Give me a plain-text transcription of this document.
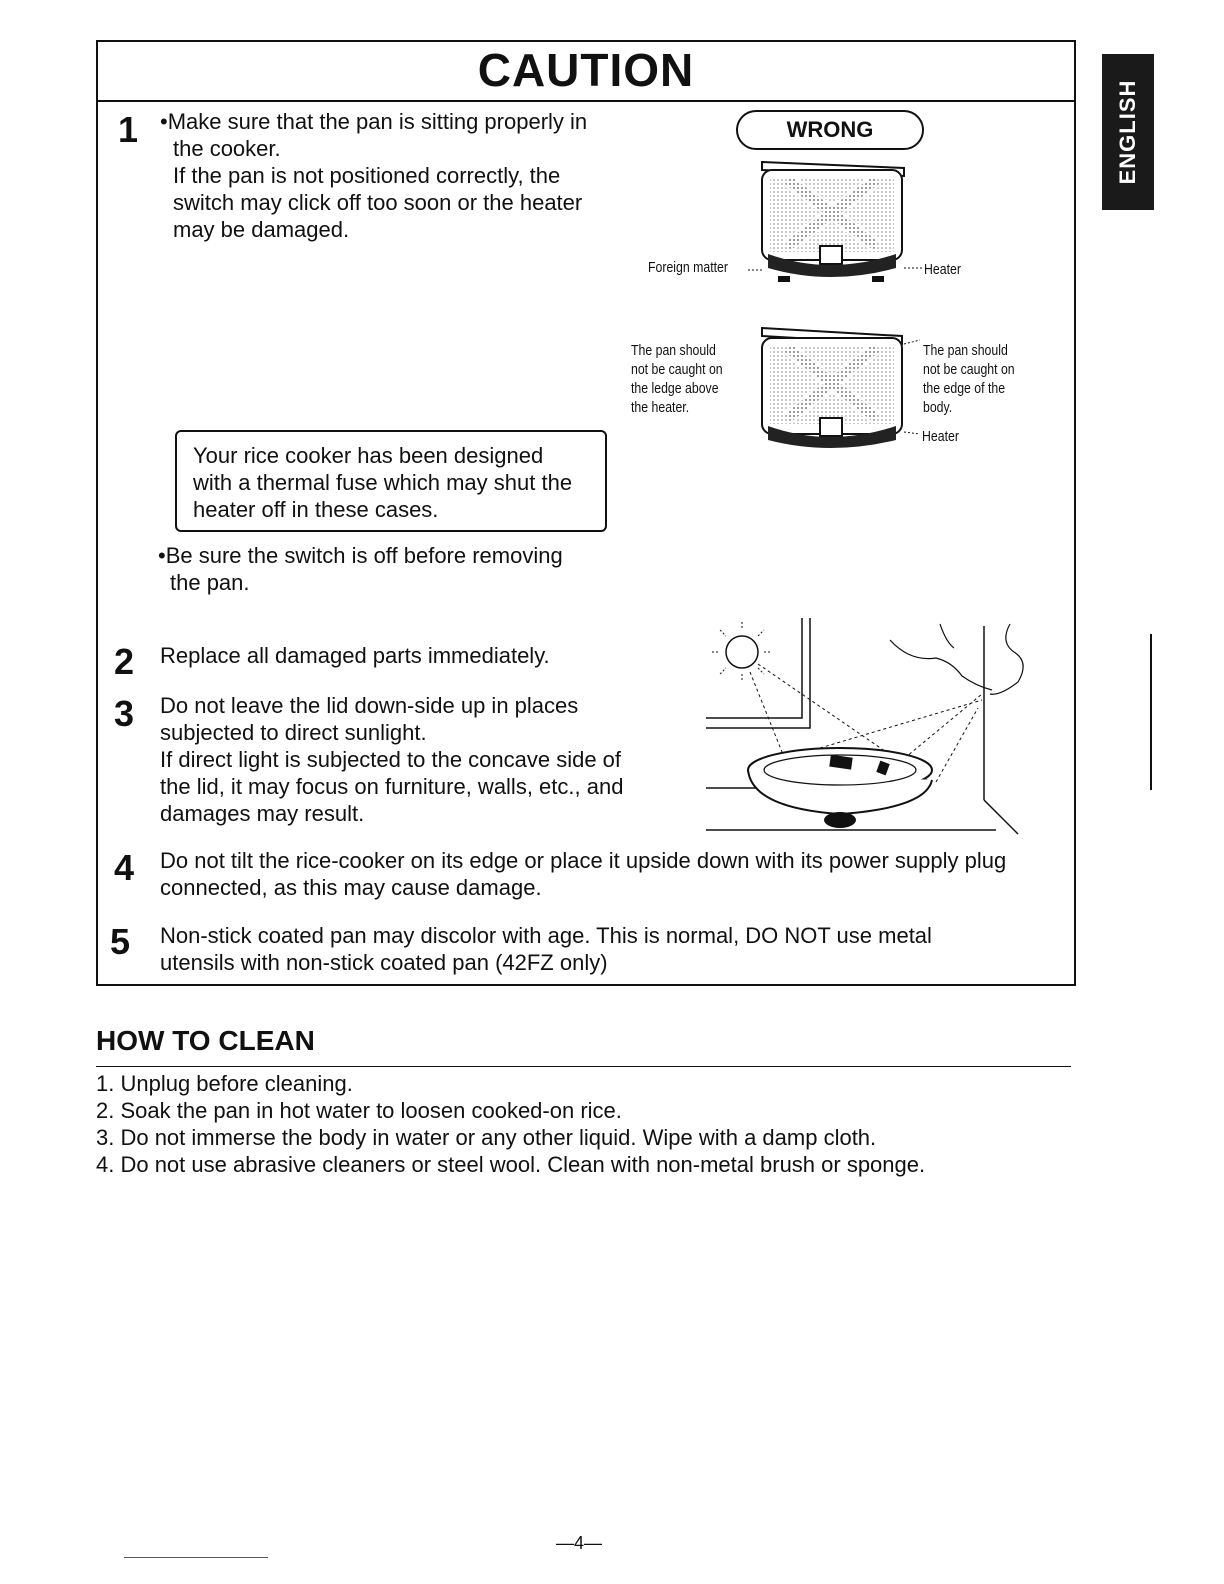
CAUTION
1 •Make sure that the pan is sitting properly in
the cooker.
If the pan is not positioned correctly, the
switch may click off too soon or the heater
may be damaged.
WRONG
Foreign matter	Heater
The pan should
not be caught on
the ledge above
the heater.
The pan should
not be caught on
the edge of the
body.
Heater
Your rice cooker has been designed
with a thermal fuse which may shut the
heater off in these cases.
•Be sure the switch is off before removing
the pan.
2 Replace all damaged parts immediately.
3 Do not leave the lid down-side up in places
subjected to direct sunlight.
If direct light is subjected to the concave side of
the lid, it may focus on furniture, walls, etc., and
damages may result.
4 Do not tilt the rice-cooker on its edge or place it upside down with its power supply plug
connected, as this may cause damage.
5 Non-stick coated pan may discolor with age. This is normal, DO NOT use metal
utensils with non-stick coated pan (42FZ only)
ENGLISH
HOW TO CLEAN
1. Unplug before cleaning.
2. Soak the pan in hot water to loosen cooked-on rice.
3. Do not immerse the body in water or any other liquid. Wipe with a damp cloth.
4. Do not use abrasive cleaners or steel wool. Clean with non-metal brush or sponge.
—4—
